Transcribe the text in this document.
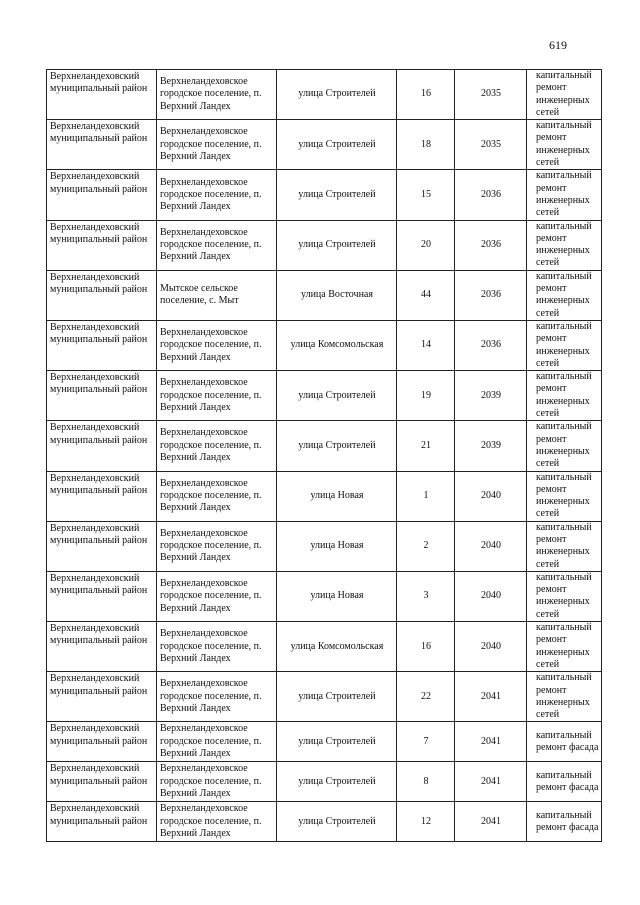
619
Верхнеландеховский муниципальный район	Верхнеландеховское городское поселение, п. Верхний Ландех	улица Строителей	16	2035	капитальный ремонт инженерных сетей
Верхнеландеховский муниципальный район	Верхнеландеховское городское поселение, п. Верхний Ландех	улица Строителей	18	2035	капитальный ремонт инженерных сетей
Верхнеландеховский муниципальный район	Верхнеландеховское городское поселение, п. Верхний Ландех	улица Строителей	15	2036	капитальный ремонт инженерных сетей
Верхнеландеховский муниципальный район	Верхнеландеховское городское поселение, п. Верхний Ландех	улица Строителей	20	2036	капитальный ремонт инженерных сетей
Верхнеландеховский муниципальный район	Мытское сельское поселение, с. Мыт	улица Восточная	44	2036	капитальный ремонт инженерных сетей
Верхнеландеховский муниципальный район	Верхнеландеховское городское поселение, п. Верхний Ландех	улица Комсомольская	14	2036	капитальный ремонт инженерных сетей
Верхнеландеховский муниципальный район	Верхнеландеховское городское поселение, п. Верхний Ландех	улица Строителей	19	2039	капитальный ремонт инженерных сетей
Верхнеландеховский муниципальный район	Верхнеландеховское городское поселение, п. Верхний Ландех	улица Строителей	21	2039	капитальный ремонт инженерных сетей
Верхнеландеховский муниципальный район	Верхнеландеховское городское поселение, п. Верхний Ландех	улица Новая	1	2040	капитальный ремонт инженерных сетей
Верхнеландеховский муниципальный район	Верхнеландеховское городское поселение, п. Верхний Ландех	улица Новая	2	2040	капитальный ремонт инженерных сетей
Верхнеландеховский муниципальный район	Верхнеландеховское городское поселение, п. Верхний Ландех	улица Новая	3	2040	капитальный ремонт инженерных сетей
Верхнеландеховский муниципальный район	Верхнеландеховское городское поселение, п. Верхний Ландех	улица Комсомольская	16	2040	капитальный ремонт инженерных сетей
Верхнеландеховский муниципальный район	Верхнеландеховское городское поселение, п. Верхний Ландех	улица Строителей	22	2041	капитальный ремонт инженерных сетей
Верхнеландеховский муниципальный район	Верхнеландеховское городское поселение, п. Верхний Ландех	улица Строителей	7	2041	капитальный ремонт фасада
Верхнеландеховский муниципальный район	Верхнеландеховское городское поселение, п. Верхний Ландех	улица Строителей	8	2041	капитальный ремонт фасада
Верхнеландеховский муниципальный район	Верхнеландеховское городское поселение, п. Верхний Ландех	улица Строителей	12	2041	капитальный ремонт фасада
